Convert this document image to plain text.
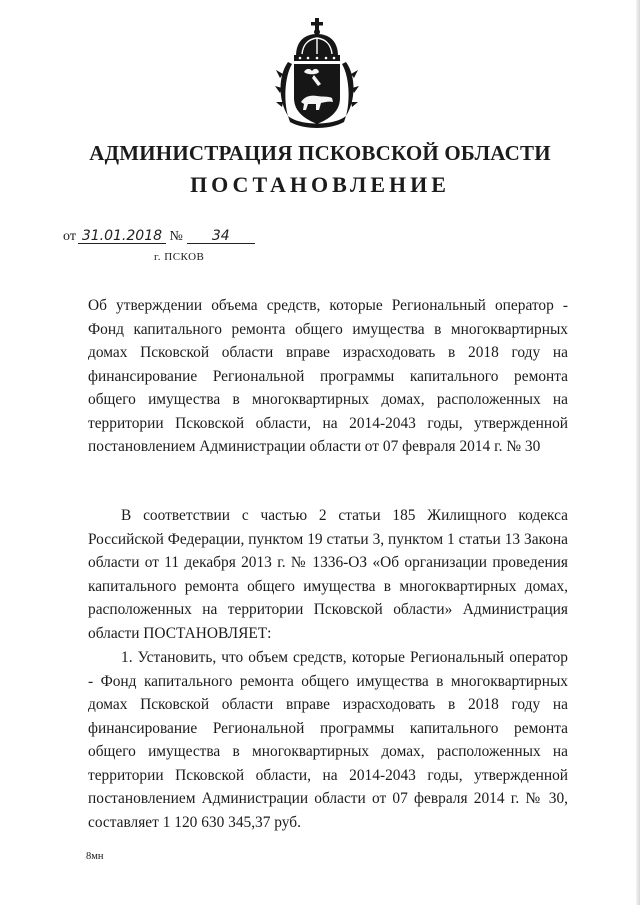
АДМИНИСТРАЦИЯ ПСКОВСКОЙ ОБЛАСТИ
ПОСТАНОВЛЕНИЕ
от 31.01.2018 № 34
г. ПСКОВ
Об утверждении объема средств, которые Региональный оператор - Фонд капитального ремонта общего имущества в многоквартирных домах Псковской области вправе израсходовать в 2018 году на финансирование Региональной программы капитального ремонта общего имущества в многоквартирных домах, расположенных на территории Псковской области, на 2014-2043 годы, утвержденной постановлением Администрации области от 07 февраля 2014 г. № 30

В соответствии с частью 2 статьи 185 Жилищного кодекса Российской Федерации, пунктом 19 статьи 3, пунктом 1 статьи 13 Закона области от 11 декабря 2013 г. № 1336-ОЗ «Об организации проведения капитального ремонта общего имущества в многоквартирных домах, расположенных на территории Псковской области» Администрация области ПОСТАНОВЛЯЕТ:

1. Установить, что объем средств, которые Региональный оператор - Фонд капитального ремонта общего имущества в многоквартирных домах Псковской области вправе израсходовать в 2018 году на финансирование Региональной программы капитального ремонта общего имущества в многоквартирных домах, расположенных на территории Псковской области, на 2014-2043 годы, утвержденной постановлением Администрации области от 07 февраля 2014 г. № 30, составляет 1 120 630 345,37 руб.

8мн
